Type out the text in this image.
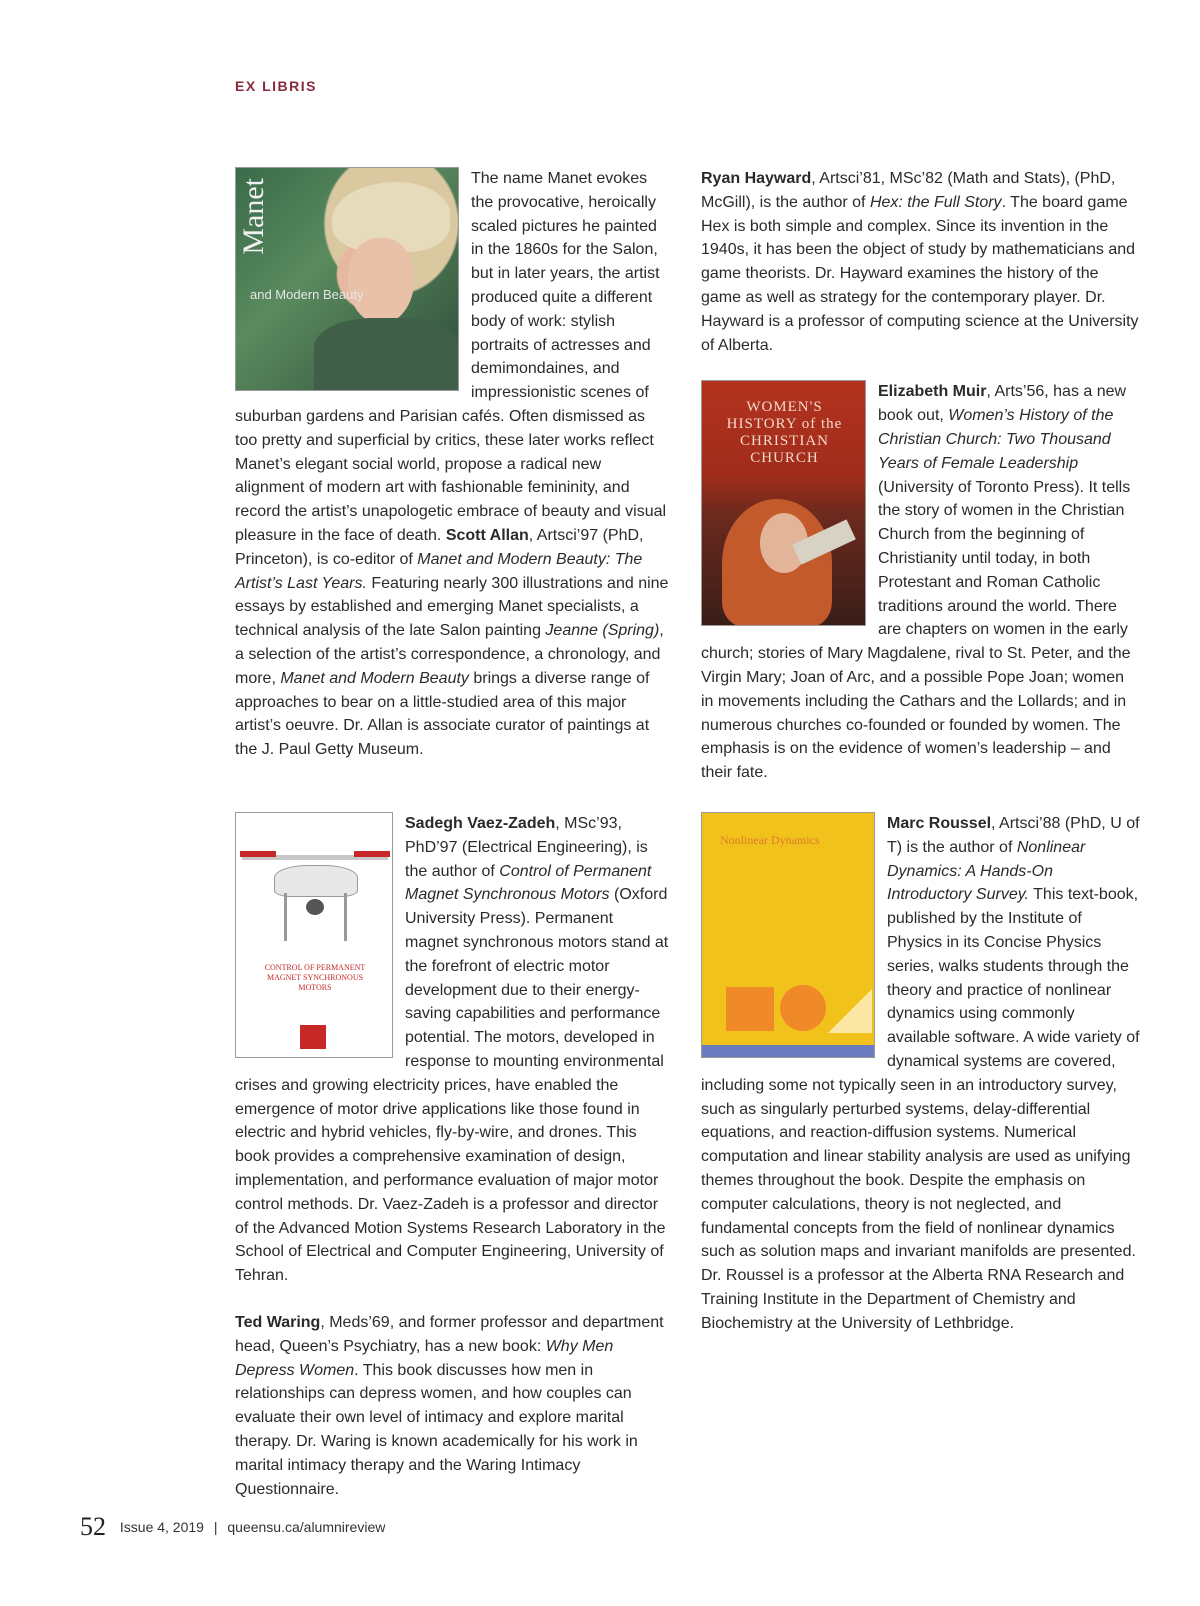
EX LIBRIS
Manet
and Modern Beauty

The name Manet evokes the provocative, heroically scaled pictures he painted in the 1860s for the Salon, but in later years, the artist produced quite a different body of work: stylish portraits of actresses and demimondaines, and impressionistic scenes of suburban gardens and Parisian cafés. Often dismissed as too pretty and superficial by critics, these later works reflect Manet’s elegant social world, propose a radical new alignment of modern art with fashionable femininity, and record the artist’s unapologetic embrace of beauty and visual pleasure in the face of death. Scott Allan, Artsci’97 (PhD, Princeton), is co-editor of Manet and Modern Beauty: The Artist’s Last Years. Featuring nearly 300 illustrations and nine essays by established and emerging Manet specialists, a technical analysis of the late Salon painting Jeanne (Spring), a selection of the artist’s correspondence, a chronology, and more, Manet and Modern Beauty brings a diverse range of approaches to bear on a little-studied area of this major artist’s oeuvre. Dr. Allan is associate curator of paintings at the J. Paul Getty Museum.

CONTROL OF PERMANENT MAGNET SYNCHRONOUS MOTORS

Sadegh Vaez-Zadeh, MSc’93, PhD’97 (Electrical Engineering), is the author of Control of Permanent Magnet Synchronous Motors (Oxford University Press). Permanent magnet synchronous motors stand at the forefront of electric motor development due to their energy-saving capabilities and performance potential. The motors, developed in response to mounting environmental crises and growing electricity prices, have enabled the emergence of motor drive applications like those found in electric and hybrid vehicles, fly-by-wire, and drones. This book provides a comprehensive examination of design, implementation, and performance evaluation of major motor control methods. Dr. Vaez-Zadeh is a professor and director of the Advanced Motion Systems Research Laboratory in the School of Electrical and Computer Engineering, University of Tehran.

Ted Waring, Meds’69, and former professor and department head, Queen’s Psychiatry, has a new book: Why Men Depress Women. This book discusses how men in relationships can depress women, and how couples can evaluate their own level of intimacy and explore marital therapy. Dr. Waring is known academically for his work in marital intimacy therapy and the Waring Intimacy Questionnaire.

Ryan Hayward, Artsci’81, MSc’82 (Math and Stats), (PhD, McGill), is the author of Hex: the Full Story. The board game Hex is both simple and complex. Since its invention in the 1940s, it has been the object of study by mathematicians and game theorists. Dr. Hayward examines the history of the game as well as strategy for the contemporary player. Dr. Hayward is a professor of computing science at the University of Alberta.

WOMEN'S HISTORY of the CHRISTIAN CHURCH

Elizabeth Muir, Arts’56, has a new book out, Women’s History of the Christian Church: Two Thousand Years of Female Leadership (University of Toronto Press). It tells the story of women in the Christian Church from the beginning of Christianity until today, in both Protestant and Roman Catholic traditions around the world. There are chapters on women in the early church; stories of Mary Magdalene, rival to St. Peter, and the Virgin Mary; Joan of Arc, and a possible Pope Joan; women in movements including the Cathars and the Lollards; and in numerous churches co-founded or founded by women. The emphasis is on the evidence of women’s leadership – and their fate.

Nonlinear Dynamics

Marc Roussel, Artsci’88 (PhD, U of T) is the author of Nonlinear Dynamics: A Hands-On Introductory Survey. This text-book, published by the Institute of Physics in its Concise Physics series, walks students through the theory and practice of nonlinear dynamics using commonly available software. A wide variety of dynamical systems are covered, including some not typically seen in an introductory survey, such as singularly perturbed systems, delay-differential equations, and reaction-diffusion systems. Numerical computation and linear stability analysis are used as unifying themes throughout the book. Despite the emphasis on computer calculations, theory is not neglected, and fundamental concepts from the field of nonlinear dynamics such as solution maps and invariant manifolds are presented. Dr. Roussel is a professor at the Alberta RNA Research and Training Institute in the Department of Chemistry and Biochemistry at the University of Lethbridge.

52 Issue 4, 2019 | queensu.ca/alumnireview
